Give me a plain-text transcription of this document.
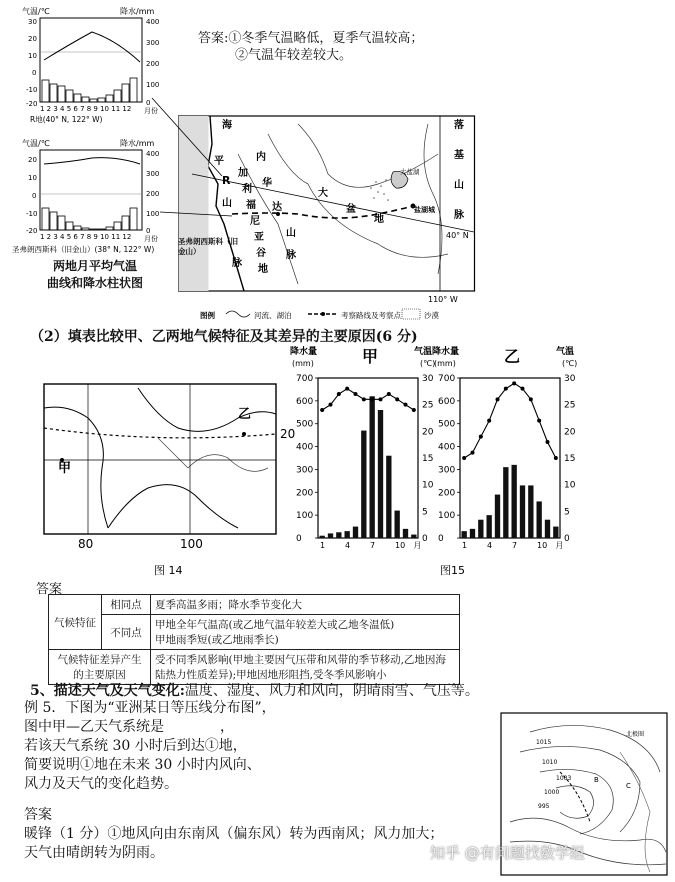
气温/℃	降水/mm
30
20
10
0
-10
-20
400
300
200
100
0
1 2 3 4 5 6 7 8 9 10 11 12 月份
R地(40° N, 122° W)
气温/℃	降水/mm
20
10
0
-10
-20
400
300
200
100
0
1 2 3 4 5 6 7 8 9 10 11 12 月份
圣弗朗西斯科（旧金山）(38° N, 122° W)
两地月平均气温
曲线和降水柱状图
答案:①冬季气温略低，夏季气温较高；
②气温年较差较大。
海
平
R
加
利
福
尼
亚
谷
地
山
脉
内
华
达
山
脉
大
盆
地
落
基
山
脉
大盐湖
盐湖城
40° N
110° W
图例	河流、湖泊	考察路线及考察点	沙漠
圣弗朗西斯科（旧金山）
（2）填表比较甲、乙两地气候特征及其差异的主要原因(6 分)
甲
乙
20
80	100
图 14
甲
降水量
(mm)
气温
(℃)
700
600
500
400
300
200
100
0
30
25
20
15
10
5
0
1 4 7 10 月
乙
降水量
(mm)
气温
(℃)
700
600
500
400
300
200
100
0
30
25
20
15
10
5
0
1 4 7 10 月
图15
答案
气候特征	相同点	夏季高温多雨；降水季节变化大
	不同点	甲地全年气温高(或乙地气温年较差大或乙地冬温低)
甲地雨季短(或乙地雨季长)

气候特征差异产生的主要原因		受不同季风影响(甲地主要因气压带和风带的季节移动,乙地因海
陆热力性质差异);甲地因地形阻挡,受冬季风影响小
5、描述天气及天气变化:温度、湿度、风力和风向，阴晴雨雪、气压等。
例 5．下图为“亚洲某日等压线分布图”，
图中甲—乙天气系统是　　　　，
若该天气系统 30 小时后到达①地，
简要说明①地在未来 30 小时内风向、
风力及天气的变化趋势。
答案
暖锋（1 分）①地风向由东南风（偏东风）转为西南风；风力加大；
天气由晴朗转为阴雨。
1015
1010
1003
1000
995
B
C
北极圈
知乎 @有问题找数学组
